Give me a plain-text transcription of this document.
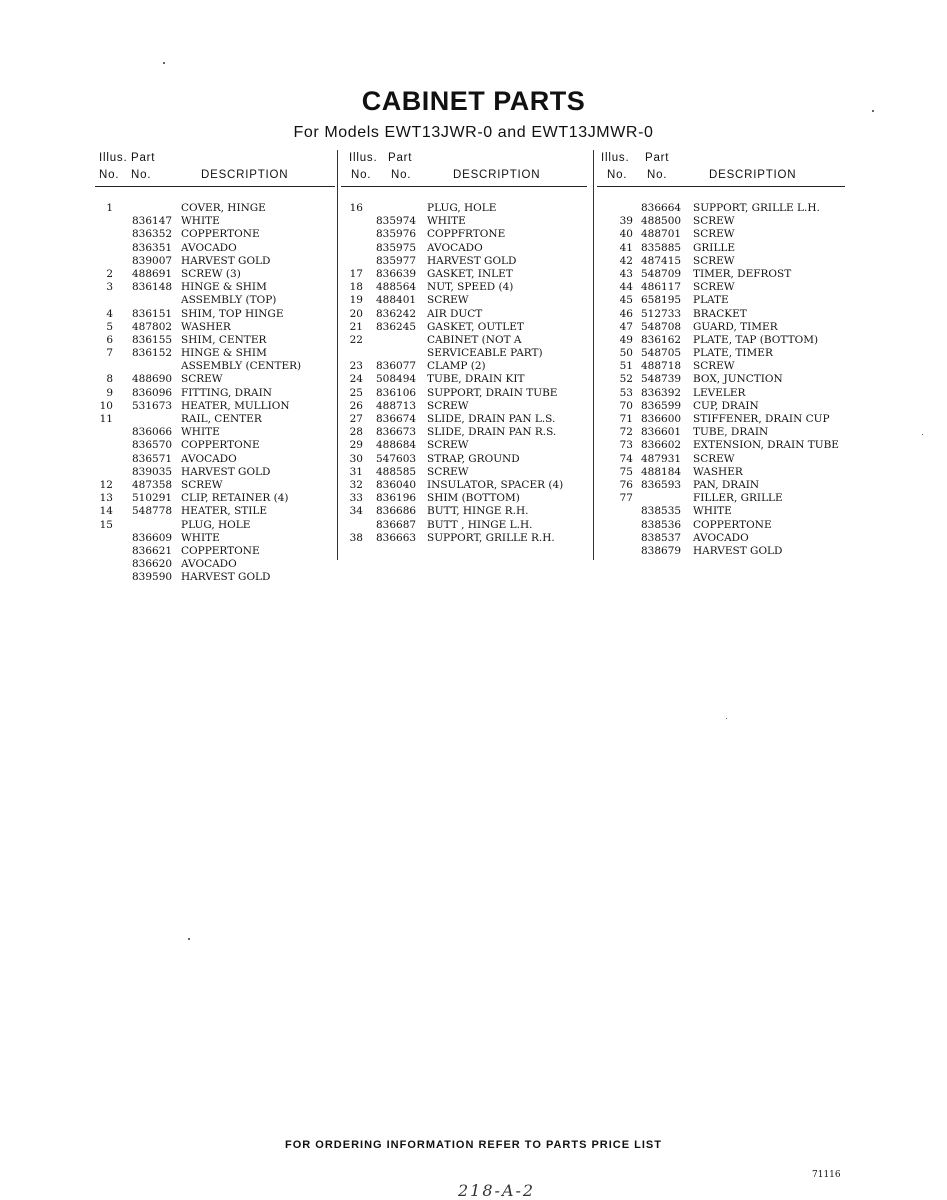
CABINET PARTS
For Models EWT13JWR-0 and EWT13JMWR-0
Illus. Part
No. No.	DESCRIPTION
1	COVER, HINGE
836147 WHITE
836352 COPPERTONE
836351 AVOCADO
839007 HARVEST GOLD
2 488691 SCREW (3)
3 836148 HINGE & SHIM
ASSEMBLY (TOP)
4 836151 SHIM, TOP HINGE
5 487802 WASHER
6 836155 SHIM, CENTER
7 836152 HINGE & SHIM
ASSEMBLY (CENTER)
8 488690 SCREW
9 836096 FITTING, DRAIN
10 531673 HEATER, MULLION
11	RAIL, CENTER
836066 WHITE
836570 COPPERTONE
836571 AVOCADO
839035 HARVEST GOLD
12 487358 SCREW
13 510291 CLIP, RETAINER (4)
14 548778 HEATER, STILE
15	PLUG, HOLE
836609 WHITE
836621 COPPERTONE
836620 AVOCADO
839590 HARVEST GOLD
Illus. Part
No. No.	DESCRIPTION
16	PLUG, HOLE
835974 WHITE
835976 COPPFRTONE
835975 AVOCADO
835977 HARVEST GOLD
17 836639 GASKET, INLET
18 488564 NUT, SPEED (4)
19 488401 SCREW
20 836242 AIR DUCT
21 836245 GASKET, OUTLET
22	CABINET (NOT A
SERVICEABLE PART)
23 836077 CLAMP (2)
24 508494 TUBE, DRAIN KIT
25 836106 SUPPORT, DRAIN TUBE
26 488713 SCREW
27 836674 SLIDE, DRAIN PAN L.S.
28 836673 SLIDE, DRAIN PAN R.S.
29 488684 SCREW
30 547603 STRAP, GROUND
31 488585 SCREW
32 836040 INSULATOR, SPACER (4)
33 836196 SHIM (BOTTOM)
34 836686 BUTT, HINGE R.H.
836687 BUTT , HINGE L.H.
38 836663 SUPPORT, GRILLE R.H.
Illus. Part
No. No.	DESCRIPTION
836664 SUPPORT, GRILLE L.H.
39 488500 SCREW
40 488701 SCREW
41 835885 GRILLE
42 487415 SCREW
43 548709 TIMER, DEFROST
44 486117 SCREW
45 658195 PLATE
46 512733 BRACKET
47 548708 GUARD, TIMER
49 836162 PLATE, TAP (BOTTOM)
50 548705 PLATE, TIMER
51 488718 SCREW
52 548739 BOX, JUNCTION
53 836392 LEVELER
70 836599 CUP, DRAIN
71 836600 STIFFENER, DRAIN CUP
72 836601 TUBE, DRAIN
73 836602 EXTENSION, DRAIN TUBE
74 487931 SCREW
75 488184 WASHER
76 836593 PAN, DRAIN
77	FILLER, GRILLE
838535 WHITE
838536 COPPERTONE
838537 AVOCADO
838679 HARVEST GOLD
FOR ORDERING INFORMATION REFER TO PARTS PRICE LIST
71116
218-A-2
